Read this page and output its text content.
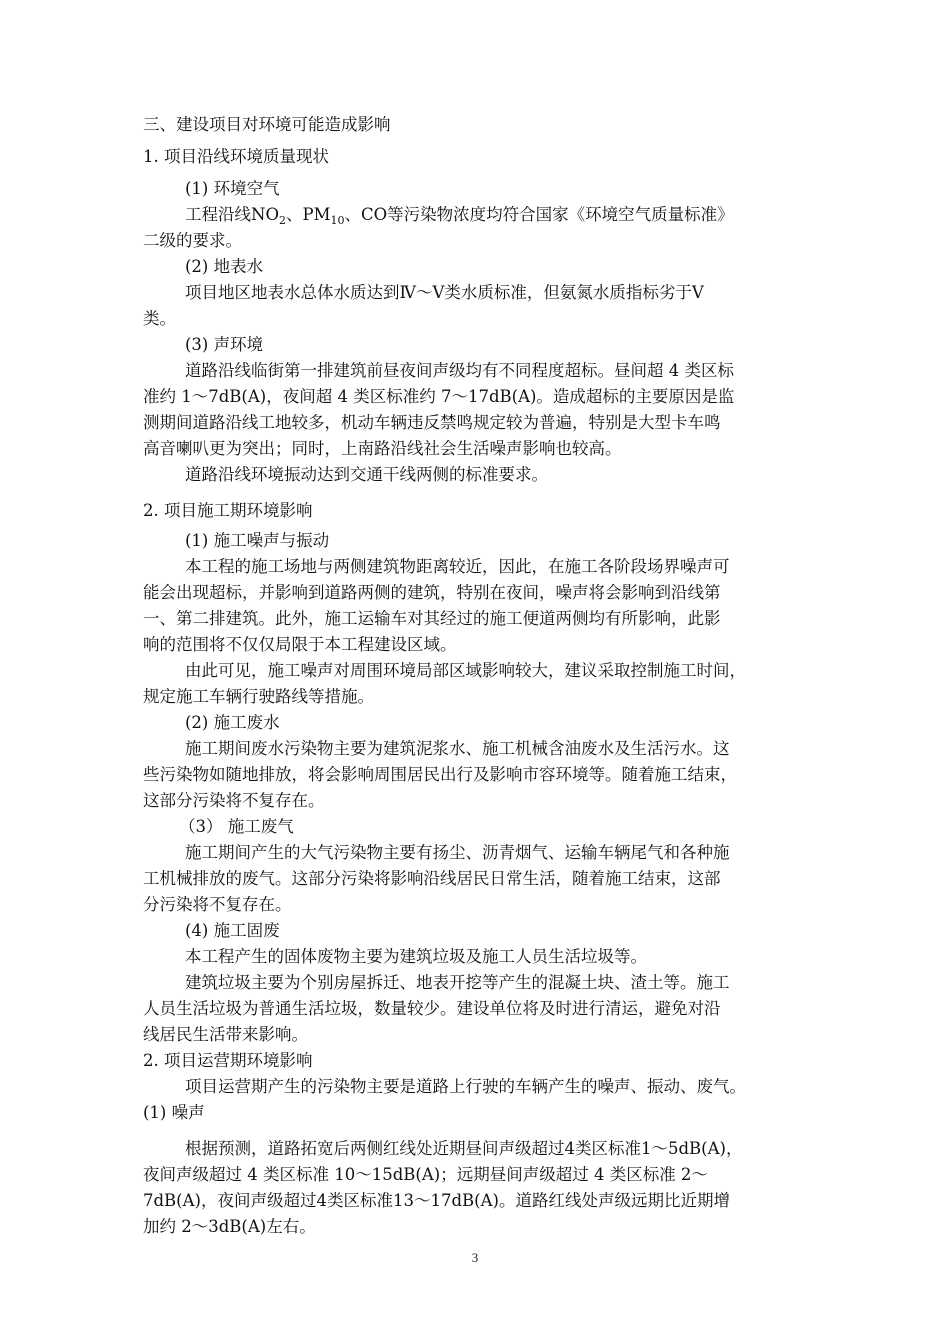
三、建设项目对环境可能造成影响
1. 项目沿线环境质量现状
(1) 环境空气
工程沿线$NO_2$、$PM_{10}$、CO等污染物浓度均符合国家《环境空气质量标准》
二级的要求。
(2) 地表水
项目地区地表水总体水质达到Ⅳ～Ⅴ类水质标准，但氨氮水质指标劣于Ⅴ
类。
(3) 声环境
道路沿线临街第一排建筑前昼夜间声级均有不同程度超标。昼间超 4 类区标
准约 1～7dB(A)，夜间超 4 类区标准约 7～17dB(A)。造成超标的主要原因是监
测期间道路沿线工地较多，机动车辆违反禁鸣规定较为普遍，特别是大型卡车鸣
高音喇叭更为突出；同时，上南路沿线社会生活噪声影响也较高。
道路沿线环境振动达到交通干线两侧的标准要求。
2. 项目施工期环境影响
(1) 施工噪声与振动
本工程的施工场地与两侧建筑物距离较近，因此，在施工各阶段场界噪声可
能会出现超标，并影响到道路两侧的建筑，特别在夜间，噪声将会影响到沿线第
一、第二排建筑。此外，施工运输车对其经过的施工便道两侧均有所影响，此影
响的范围将不仅仅局限于本工程建设区域。
由此可见，施工噪声对周围环境局部区域影响较大，建议采取控制施工时间，
规定施工车辆行驶路线等措施。
(2) 施工废水
施工期间废水污染物主要为建筑泥浆水、施工机械含油废水及生活污水。这
些污染物如随地排放，将会影响周围居民出行及影响市容环境等。随着施工结束，
这部分污染将不复存在。
（3） 施工废气
施工期间产生的大气污染物主要有扬尘、沥青烟气、运输车辆尾气和各种施
工机械排放的废气。这部分污染将影响沿线居民日常生活，随着施工结束，这部
分污染将不复存在。
(4) 施工固废
本工程产生的固体废物主要为建筑垃圾及施工人员生活垃圾等。
建筑垃圾主要为个别房屋拆迁、地表开挖等产生的混凝土块、渣土等。施工
人员生活垃圾为普通生活垃圾，数量较少。建设单位将及时进行清运，避免对沿
线居民生活带来影响。
2. 项目运营期环境影响
项目运营期产生的污染物主要是道路上行驶的车辆产生的噪声、振动、废气。
(1) 噪声
根据预测，道路拓宽后两侧红线处近期昼间声级超过4类区标准1～5dB(A)，
夜间声级超过 4 类区标准 10～15dB(A)；远期昼间声级超过 4 类区标准 2～
7dB(A)，夜间声级超过4类区标准13～17dB(A)。道路红线处声级远期比近期增
加约 2～3dB(A)左右。
3
